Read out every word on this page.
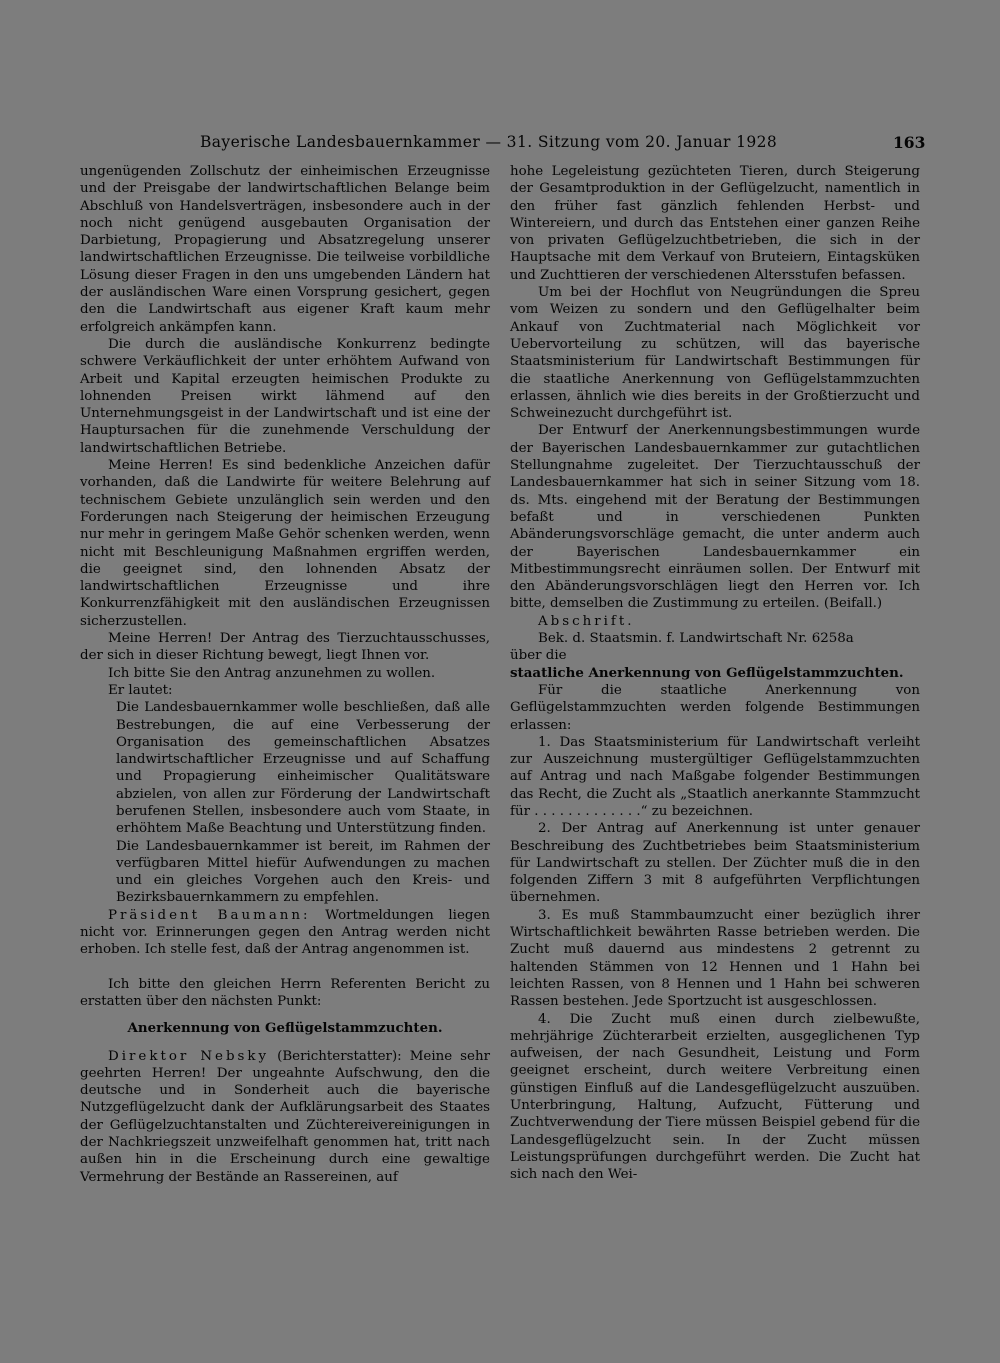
Bayerische Landesbauernkammer — 31. Sitzung vom 20. Januar 1928	163

ungenügenden Zollschutz der einheimischen Erzeugnisse und der Preisgabe der landwirtschaftlichen Belange beim Abschluß von Handelsverträgen, insbesondere auch in der noch nicht genügend ausgebauten Organisation der Darbietung, Propagierung und Absatzregelung unserer landwirtschaftlichen Erzeugnisse. Die teilweise vorbildliche Lösung dieser Fragen in den uns umgebenden Ländern hat der ausländischen Ware einen Vorsprung gesichert, gegen den die Landwirtschaft aus eigener Kraft kaum mehr erfolgreich ankämpfen kann.

Die durch die ausländische Konkurrenz bedingte schwere Verkäuflichkeit der unter erhöhtem Aufwand von Arbeit und Kapital erzeugten heimischen Produkte zu lohnenden Preisen wirkt lähmend auf den Unternehmungsgeist in der Landwirtschaft und ist eine der Hauptursachen für die zunehmende Verschuldung der landwirtschaftlichen Betriebe.

Meine Herren! Es sind bedenkliche Anzeichen dafür vorhanden, daß die Landwirte für weitere Belehrung auf technischem Gebiete unzulänglich sein werden und den Forderungen nach Steigerung der heimischen Erzeugung nur mehr in geringem Maße Gehör schenken werden, wenn nicht mit Beschleunigung Maßnahmen ergriffen werden, die geeignet sind, den lohnenden Absatz der landwirtschaftlichen Erzeugnisse und ihre Konkurrenzfähigkeit mit den ausländischen Erzeugnissen sicherzustellen.

Meine Herren! Der Antrag des Tierzuchtausschusses, der sich in dieser Richtung bewegt, liegt Ihnen vor.

Ich bitte Sie den Antrag anzunehmen zu wollen.

Er lautet:

Die Landesbauernkammer wolle beschließen, daß alle Bestrebungen, die auf eine Verbesserung der Organisation des gemeinschaftlichen Absatzes landwirtschaftlicher Erzeugnisse und auf Schaffung und Propagierung einheimischer Qualitätsware abzielen, von allen zur Förderung der Landwirtschaft berufenen Stellen, insbesondere auch vom Staate, in erhöhtem Maße Beachtung und Unterstützung finden.

Die Landesbauernkammer ist bereit, im Rahmen der verfügbaren Mittel hiefür Aufwendungen zu machen und ein gleiches Vorgehen auch den Kreis- und Bezirksbauernkammern zu empfehlen.

Präsident Baumann: Wortmeldungen liegen nicht vor. Erinnerungen gegen den Antrag werden nicht erhoben. Ich stelle fest, daß der Antrag angenommen ist.

Ich bitte den gleichen Herrn Referenten Bericht zu erstatten über den nächsten Punkt:

Anerkennung von Geflügelstammzuchten.

Direktor Nebsky (Berichterstatter): Meine sehr geehrten Herren! Der ungeahnte Aufschwung, den die deutsche und in Sonderheit auch die bayerische Nutzgeflügelzucht dank der Aufklärungsarbeit des Staates der Geflügelzuchtanstalten und Züchtereivereinigungen in der Nachkriegszeit unzweifelhaft genommen hat, tritt nach außen hin in die Erscheinung durch eine gewaltige Vermehrung der Bestände an Rassereinen, auf

hohe Legeleistung gezüchteten Tieren, durch Steigerung der Gesamtproduktion in der Geflügelzucht, namentlich in den früher fast gänzlich fehlenden Herbst- und Wintereiern, und durch das Entstehen einer ganzen Reihe von privaten Geflügelzuchtbetrieben, die sich in der Hauptsache mit dem Verkauf von Bruteiern, Eintagsküken und Zuchttieren der verschiedenen Altersstufen befassen.

Um bei der Hochflut von Neugründungen die Spreu vom Weizen zu sondern und den Geflügelhalter beim Ankauf von Zuchtmaterial nach Möglichkeit vor Uebervorteilung zu schützen, will das bayerische Staatsministerium für Landwirtschaft Bestimmungen für die staatliche Anerkennung von Geflügelstammzuchten erlassen, ähnlich wie dies bereits in der Großtierzucht und Schweinezucht durchgeführt ist.

Der Entwurf der Anerkennungsbestimmungen wurde der Bayerischen Landesbauernkammer zur gutachtlichen Stellungnahme zugeleitet. Der Tierzuchtausschuß der Landesbauernkammer hat sich in seiner Sitzung vom 18. ds. Mts. eingehend mit der Beratung der Bestimmungen befaßt und in verschiedenen Punkten Abänderungsvorschläge gemacht, die unter anderm auch der Bayerischen Landesbauernkammer ein Mitbestimmungsrecht einräumen sollen. Der Entwurf mit den Abänderungsvorschlägen liegt den Herren vor. Ich bitte, demselben die Zustimmung zu erteilen. (Beifall.)

Abschrift.

Bek. d. Staatsmin. f. Landwirtschaft Nr. 6258a

über die

staatliche Anerkennung von Geflügelstammzuchten.

Für die staatliche Anerkennung von Geflügelstammzuchten werden folgende Bestimmungen erlassen:

1. Das Staatsministerium für Landwirtschaft verleiht zur Auszeichnung mustergültiger Geflügelstammzuchten auf Antrag und nach Maßgabe folgender Bestimmungen das Recht, die Zucht als „Staatlich anerkannte Stammzucht für . . . . . . . . . . . . .“ zu bezeichnen.

2. Der Antrag auf Anerkennung ist unter genauer Beschreibung des Zuchtbetriebes beim Staatsministerium für Landwirtschaft zu stellen. Der Züchter muß die in den folgenden Ziffern 3 mit 8 aufgeführten Verpflichtungen übernehmen.

3. Es muß Stammbaumzucht einer bezüglich ihrer Wirtschaftlichkeit bewährten Rasse betrieben werden. Die Zucht muß dauernd aus mindestens 2 getrennt zu haltenden Stämmen von 12 Hennen und 1 Hahn bei leichten Rassen, von 8 Hennen und 1 Hahn bei schweren Rassen bestehen. Jede Sportzucht ist ausgeschlossen.

4. Die Zucht muß einen durch zielbewußte, mehrjährige Züchterarbeit erzielten, ausgeglichenen Typ aufweisen, der nach Gesundheit, Leistung und Form geeignet erscheint, durch weitere Verbreitung einen günstigen Einfluß auf die Landesgeflügelzucht auszuüben. Unterbringung, Haltung, Aufzucht, Fütterung und Zuchtverwendung der Tiere müssen Beispiel gebend für die Landesgeflügelzucht sein. In der Zucht müssen Leistungsprüfungen durchgeführt werden. Die Zucht hat sich nach den Wei-
